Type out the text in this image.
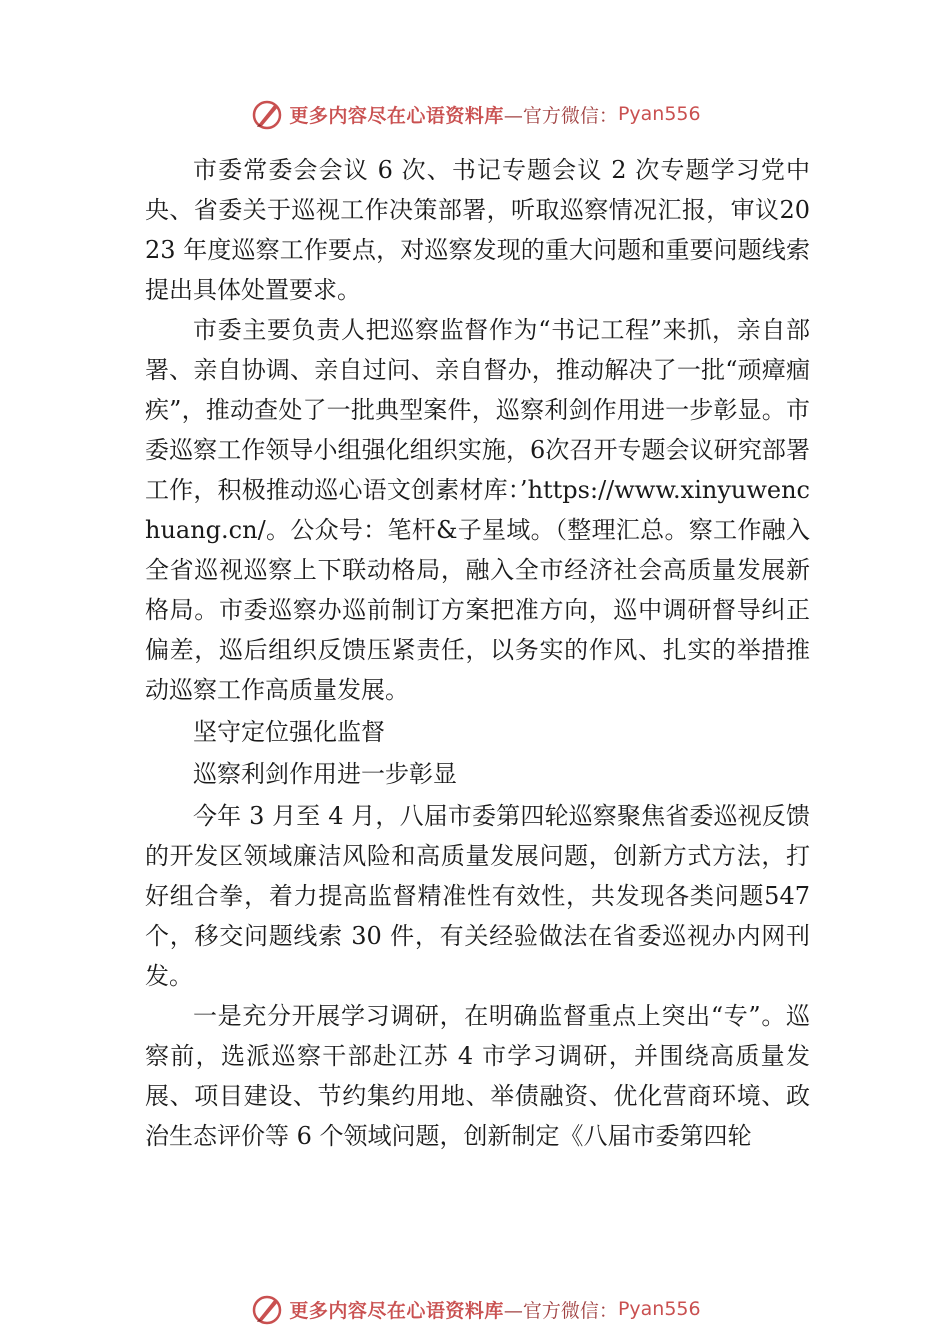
更多内容尽在心语资料库 —官方微信： Pyan556

市委常委会会议 6 次、书记专题会议 2 次专题学习党中央、省委关于巡视工作决策部署，听取巡察情况汇报，审议2023 年度巡察工作要点，对巡察发现的重大问题和重要问题线索提出具体处置要求。

市委主要负责人把巡察监督作为“书记工程”来抓，亲自部署、亲自协调、亲自过问、亲自督办，推动解决了一批“顽瘴痼疾”，推动查处了一批典型案件，巡察利剑作用进一步彰显。市委巡察工作领导小组强化组织实施，6次召开专题会议研究部署工作，积极推动巡心语文创素材库：’https://www.xinyuwenchuang.cn/。公众号：笔杆&子星域。（整理汇总。察工作融入全省巡视巡察上下联动格局，融入全市经济社会高质量发展新格局。市委巡察办巡前制订方案把准方向，巡中调研督导纠正偏差，巡后组织反馈压紧责任，以务实的作风、扎实的举措推动巡察工作高质量发展。

坚守定位强化监督

巡察利剑作用进一步彰显

今年 3 月至 4 月，八届市委第四轮巡察聚焦省委巡视反馈的开发区领域廉洁风险和高质量发展问题，创新方式方法，打好组合拳，着力提高监督精准性有效性，共发现各类问题547 个，移交问题线索 30 件，有关经验做法在省委巡视办内网刊发。

一是充分开展学习调研，在明确监督重点上突出“专”。巡察前，选派巡察干部赴江苏 4 市学习调研，并围绕高质量发展、项目建设、节约集约用地、举债融资、优化营商环境、政治生态评价等 6 个领域问题，创新制定《八届市委第四轮

更多内容尽在心语资料库 —官方微信： Pyan556
